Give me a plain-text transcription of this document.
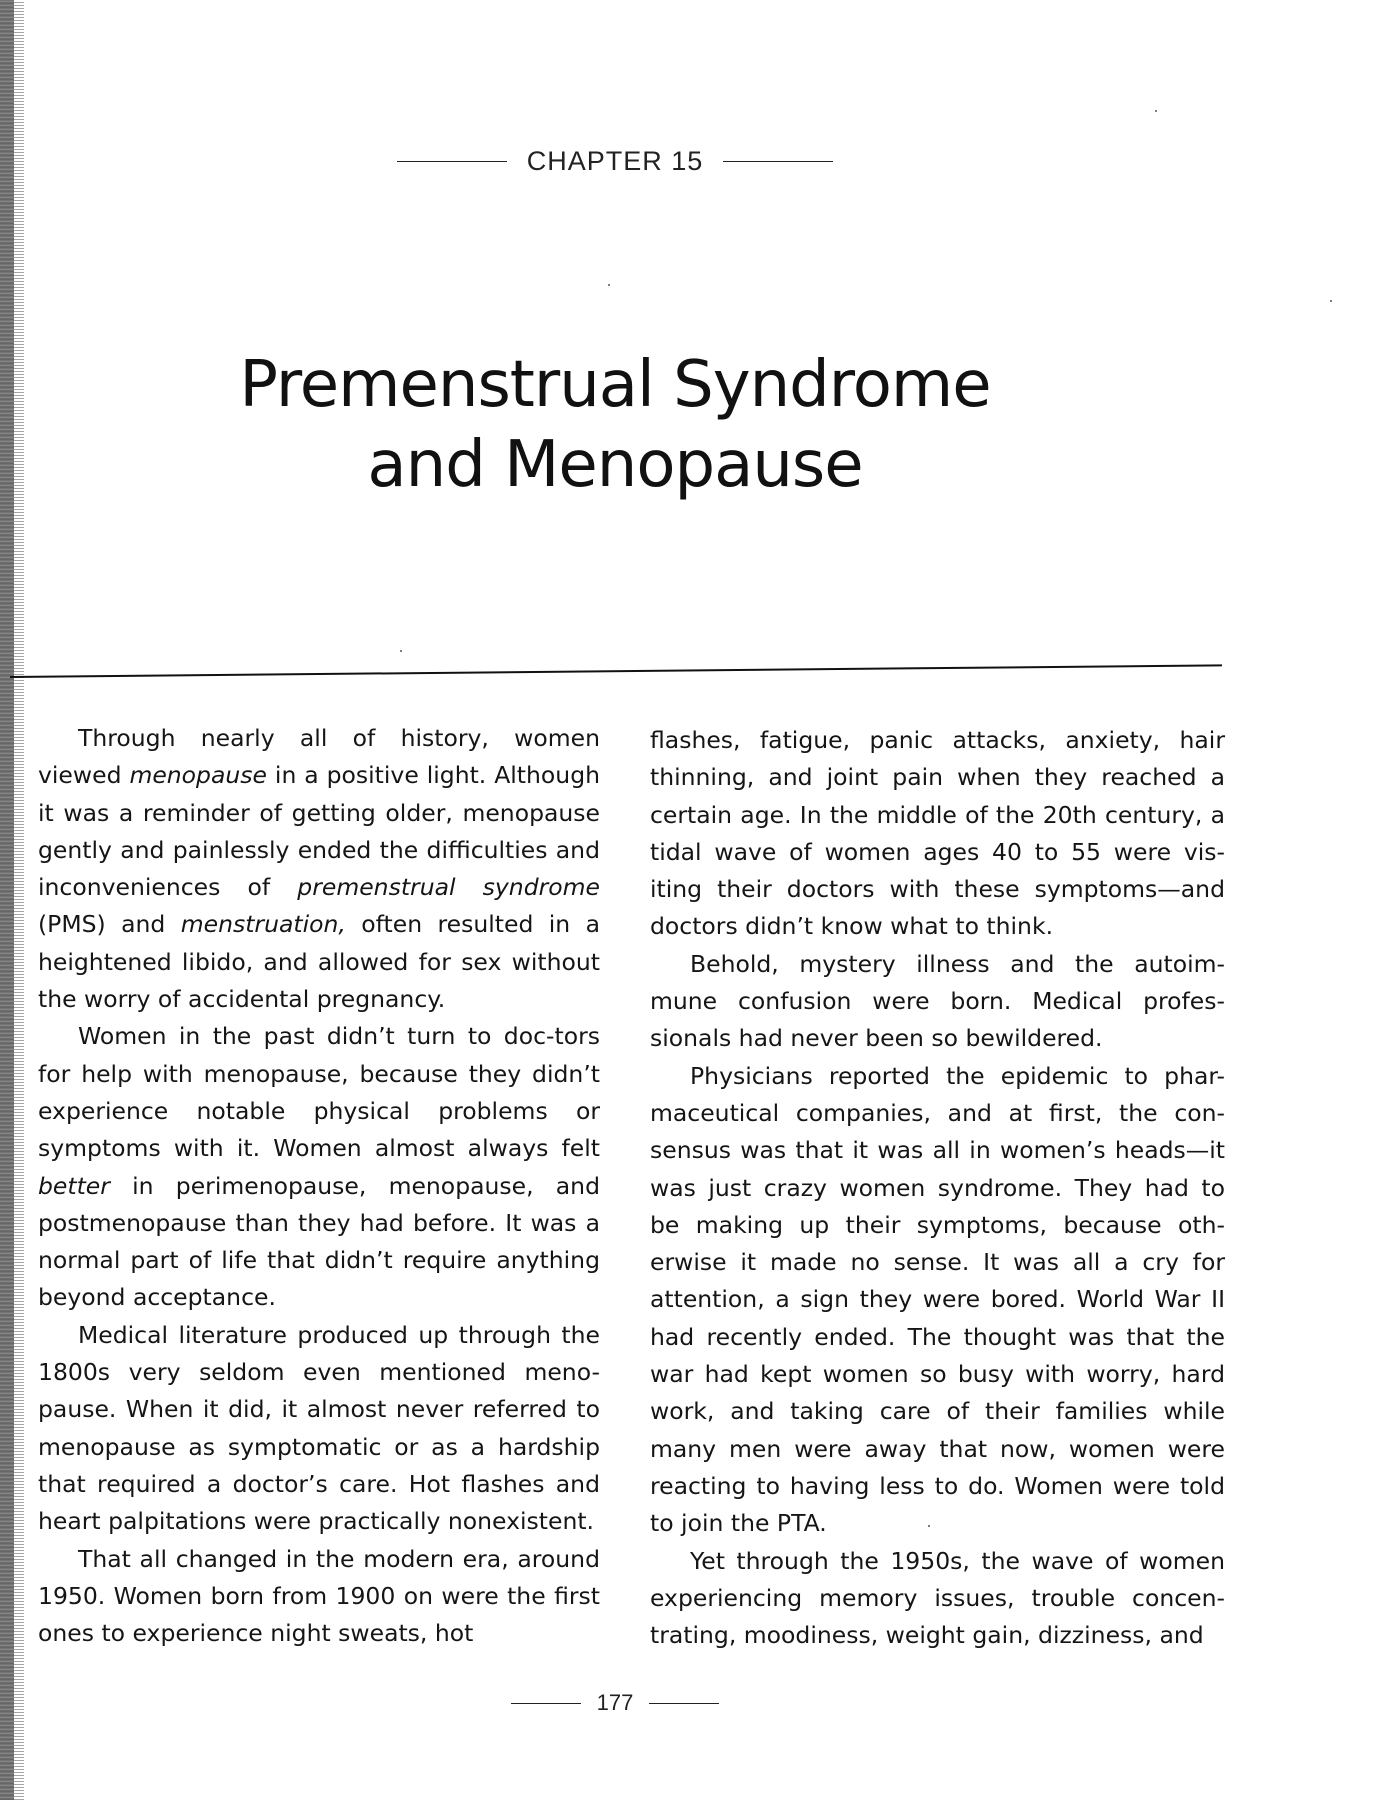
CHAPTER 15
Premenstrual Syndrome
and Menopause

Through nearly all of history, women viewed menopause in a positive light. Although it was a reminder of getting older, menopause gently and painlessly ended the difficulties and inconveniences of premenstrual syndrome (PMS) and menstruation, often resulted in a heightened libido, and allowed for sex without the worry of accidental pregnancy.

Women in the past didn’t turn to doc-tors for help with menopause, because they didn’t experience notable physical problems or symptoms with it. Women almost always felt better in perimenopause, menopause, and postmenopause than they had before. It was a normal part of life that didn’t require anything beyond acceptance.

Medical literature produced up through the 1800s very seldom even mentioned meno-pause. When it did, it almost never referred to menopause as symptomatic or as a hardship that required a doctor’s care. Hot flashes and heart palpitations were practically nonexistent.

That all changed in the modern era, around 1950. Women born from 1900 on were the first ones to experience night sweats, hot

flashes, fatigue, panic attacks, anxiety, hair thinning, and joint pain when they reached a certain age. In the middle of the 20th century, a tidal wave of women ages 40 to 55 were vis-iting their doctors with these symptoms—and doctors didn’t know what to think.

Behold, mystery illness and the autoim-mune confusion were born. Medical profes-sionals had never been so bewildered.

Physicians reported the epidemic to phar-maceutical companies, and at first, the con-sensus was that it was all in women’s heads—it was just crazy women syndrome. They had to be making up their symptoms, because oth-erwise it made no sense. It was all a cry for attention, a sign they were bored. World War II had recently ended. The thought was that the war had kept women so busy with worry, hard work, and taking care of their families while many men were away that now, women were reacting to having less to do. Women were told to join the PTA.

Yet through the 1950s, the wave of women experiencing memory issues, trouble concen-trating, moodiness, weight gain, dizziness, and

177
